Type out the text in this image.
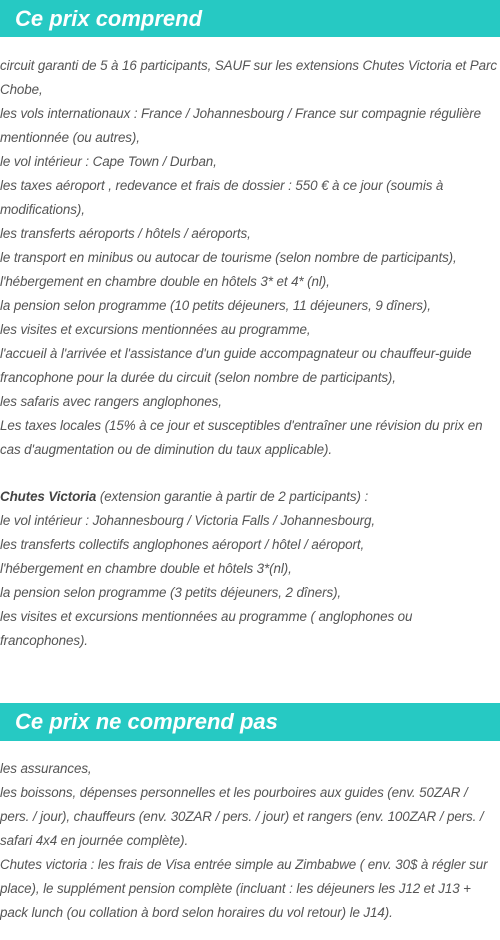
Ce prix comprend

circuit garanti de 5 à 16 participants, SAUF sur les extensions Chutes Victoria et Parc Chobe,

les vols internationaux : France / Johannesbourg / France sur compagnie régulière mentionnée (ou autres),

le vol intérieur : Cape Town / Durban,

les taxes aéroport , redevance et frais de dossier : 550 € à ce jour (soumis à modifications),

les transferts aéroports / hôtels / aéroports,

le transport en minibus ou autocar de tourisme (selon nombre de participants),

l'hébergement en chambre double en hôtels 3* et 4* (nl),

la pension selon programme (10 petits déjeuners, 11 déjeuners, 9 dîners),

les visites et excursions mentionnées au programme,

l'accueil à l'arrivée et l'assistance d'un guide accompagnateur ou chauffeur-guide francophone pour la durée du circuit (selon nombre de participants),

les safaris avec rangers anglophones,

Les taxes locales (15% à ce jour et susceptibles d'entraîner une révision du prix en cas d'augmentation ou de diminution du taux applicable).

Chutes Victoria (extension garantie à partir de 2 participants) :

le vol intérieur : Johannesbourg / Victoria Falls / Johannesbourg,

les transferts collectifs anglophones aéroport / hôtel / aéroport,

l'hébergement en chambre double et hôtels 3*(nl),

la pension selon programme (3 petits déjeuners, 2 dîners),

les visites et excursions mentionnées au programme ( anglophones ou francophones).

Ce prix ne comprend pas

les assurances,

les boissons, dépenses personnelles et les pourboires aux guides (env. 50ZAR / pers. / jour), chauffeurs (env. 30ZAR / pers. / jour) et rangers (env. 100ZAR / pers. / safari 4x4 en journée complète).

Chutes victoria : les frais de Visa entrée simple au Zimbabwe ( env. 30$ à régler sur place), le supplément pension complète (incluant : les déjeuners les J12 et J13 + pack lunch (ou collation à bord selon horaires du vol retour) le J14).
